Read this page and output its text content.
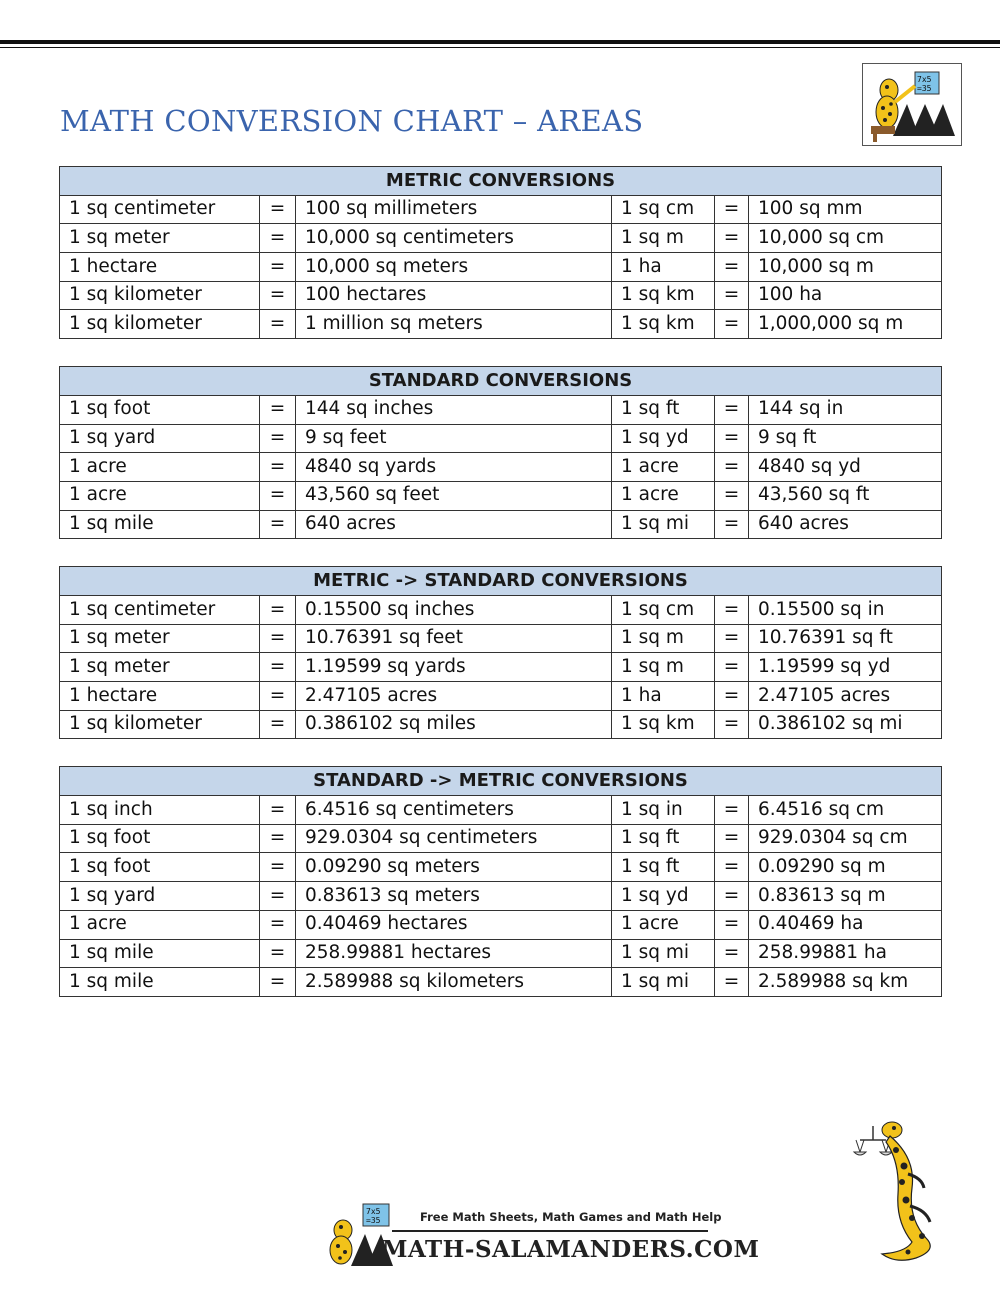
MATH CONVERSION CHART – AREAS
7x5
=35
METRIC CONVERSIONS					
1 sq centimeter	=	100 sq millimeters	1 sq cm	=	100 sq mm
1 sq meter	=	10,000 sq centimeters	1 sq m	=	10,000 sq cm
1 hectare	=	10,000 sq meters	1 ha	=	10,000 sq m
1 sq kilometer	=	100 hectares	1 sq km	=	100 ha
1 sq kilometer	=	1 million sq meters	1 sq km	=	1,000,000 sq m
STANDARD CONVERSIONS					
1 sq foot	=	144 sq inches	1 sq ft	=	144 sq in
1 sq yard	=	9 sq feet	1 sq yd	=	9 sq ft
1 acre	=	4840 sq yards	1 acre	=	4840 sq yd
1 acre	=	43,560 sq feet	1 acre	=	43,560 sq ft
1 sq mile	=	640 acres	1 sq mi	=	640 acres
METRIC -> STANDARD CONVERSIONS					
1 sq centimeter	=	0.15500 sq inches	1 sq cm	=	0.15500 sq in
1 sq meter	=	10.76391 sq feet	1 sq m	=	10.76391 sq ft
1 sq meter	=	1.19599 sq yards	1 sq m	=	1.19599 sq yd
1 hectare	=	2.47105 acres	1 ha	=	2.47105 acres
1 sq kilometer	=	0.386102 sq miles	1 sq km	=	0.386102 sq mi
STANDARD -> METRIC CONVERSIONS					
1 sq inch	=	6.4516 sq centimeters	1 sq in	=	6.4516 sq cm
1 sq foot	=	929.0304 sq centimeters	1 sq ft	=	929.0304 sq cm
1 sq foot	=	0.09290 sq meters	1 sq ft	=	0.09290 sq m
1 sq yard	=	0.83613 sq meters	1 sq yd	=	0.83613 sq m
1 acre	=	0.40469 hectares	1 acre	=	0.40469 ha
1 sq mile	=	258.99881 hectares	1 sq mi	=	258.99881 ha
1 sq mile	=	2.589988 sq kilometers	1 sq mi	=	2.589988 sq km
7x5
=35	Free Math Sheets, Math Games and Math Help
MATH-SALAMANDERS.COM
